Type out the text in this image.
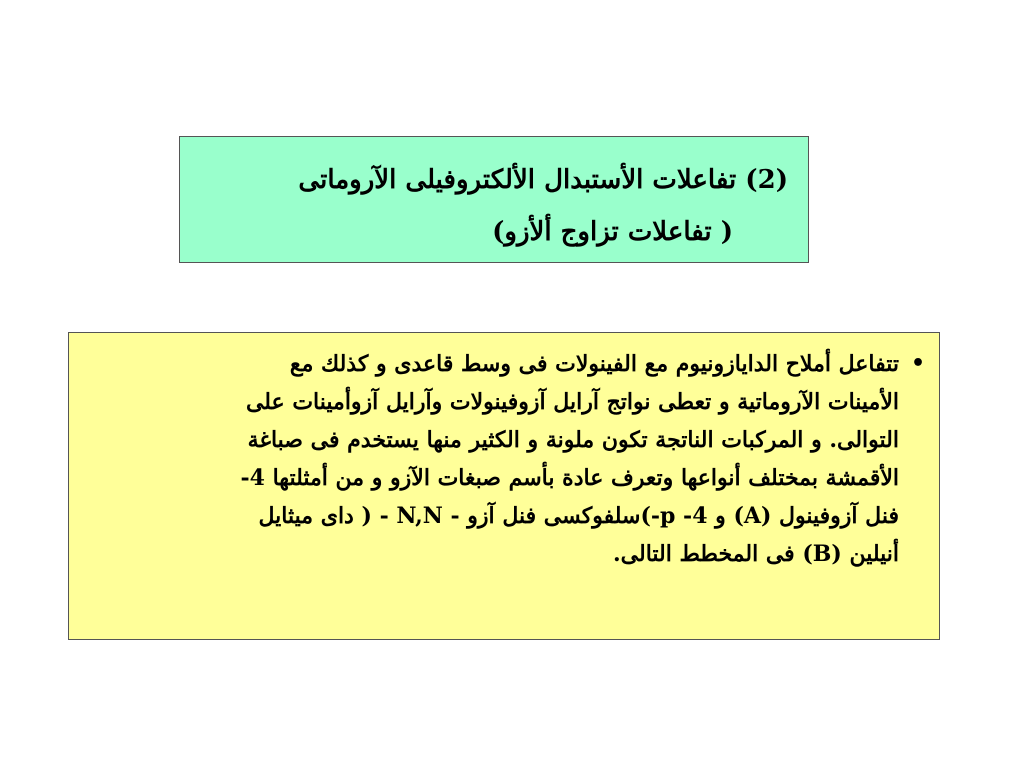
(2) تفاعلات الأستبدال الألكتروفيلى الآروماتى
( تفاعلات تزاوج ألأزو)
•

تتفاعل أملاح الدايازونيوم مع الفينولات فى وسط قاعدى و كذلك مع
الأمينات الآروماتية و تعطى نواتج آرايل آزوفينولات وآرايل آزوأمينات على
التوالى. و المركبات الناتجة تكون ملونة و الكثير منها يستخدم فى صباغة
الأقمشة بمختلف أنواعها وتعرف عادة بأسم صبغات الآزو و من أمثلتها 4-
فنل آزوفينول (A) و 4- p-)سلفوكسى فنل آزو - N,N - ( داى ميثايل
أنيلين (B) فى المخطط التالى.
